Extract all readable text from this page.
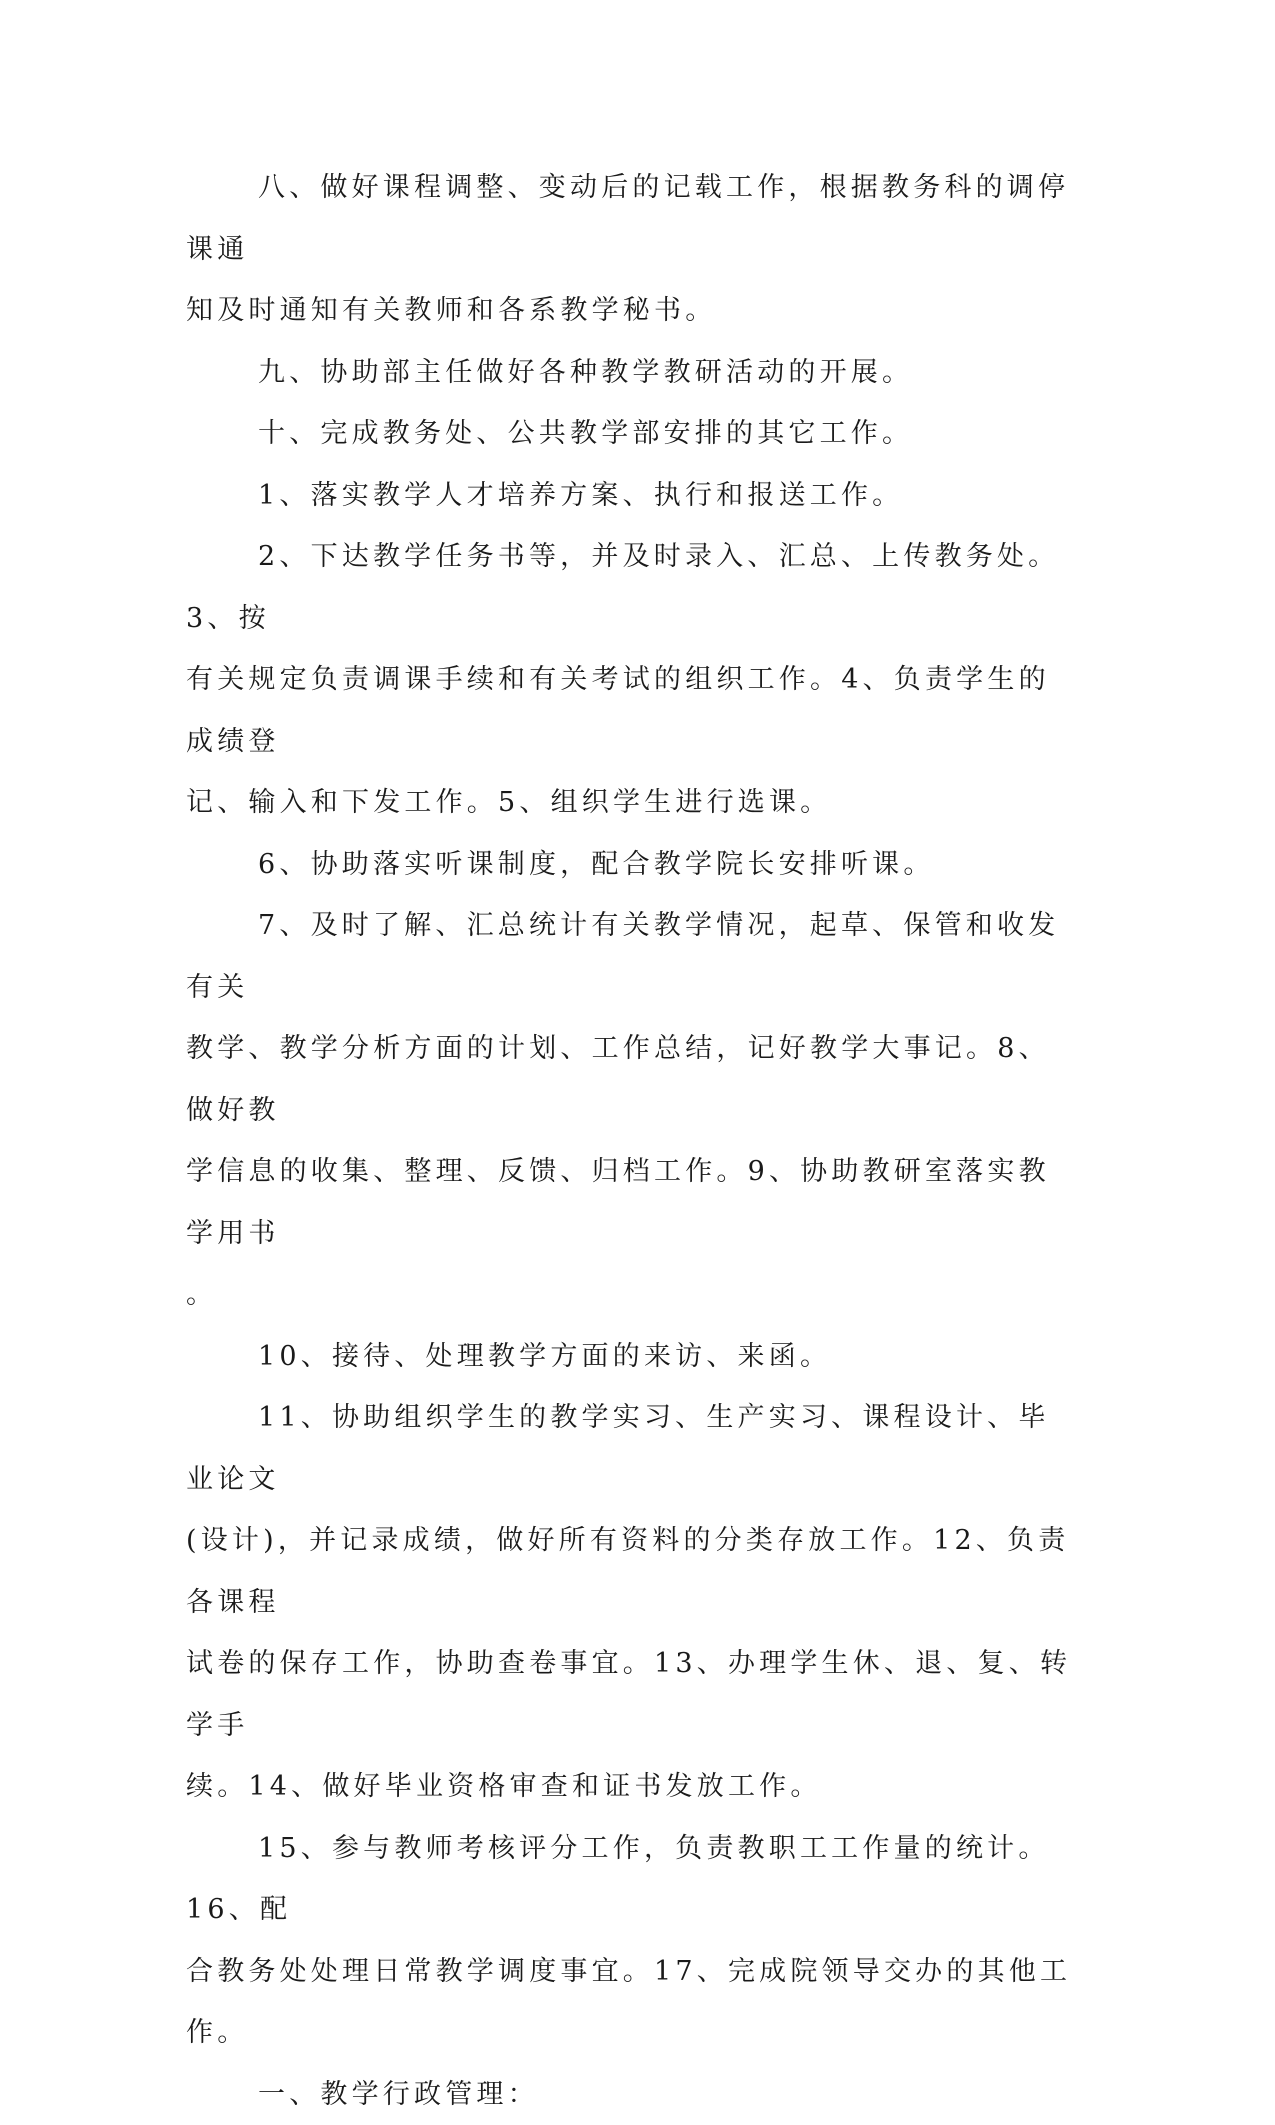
八、做好课程调整、变动后的记载工作，根据教务科的调停课通
知及时通知有关教师和各系教学秘书。

九、协助部主任做好各种教学教研活动的开展。

十、完成教务处、公共教学部安排的其它工作。

1、落实教学人才培养方案、执行和报送工作。

2、下达教学任务书等，并及时录入、汇总、上传教务处。3、按
有关规定负责调课手续和有关考试的组织工作。4、负责学生的成绩登
记、输入和下发工作。5、组织学生进行选课。

6、协助落实听课制度，配合教学院长安排听课。

7、及时了解、汇总统计有关教学情况，起草、保管和收发有关
教学、教学分析方面的计划、工作总结，记好教学大事记。8、做好教
学信息的收集、整理、反馈、归档工作。9、协助教研室落实教学用书
。

10、接待、处理教学方面的来访、来函。

11、协助组织学生的教学实习、生产实习、课程设计、毕业论文
(设计)，并记录成绩，做好所有资料的分类存放工作。12、负责各课程
试卷的保存工作，协助查卷事宜。13、办理学生休、退、复、转学手
续。14、做好毕业资格审查和证书发放工作。

15、参与教师考核评分工作，负责教职工工作量的统计。16、配
合教务处处理日常教学调度事宜。17、完成院领导交办的其他工作。

一、教学行政管理：
